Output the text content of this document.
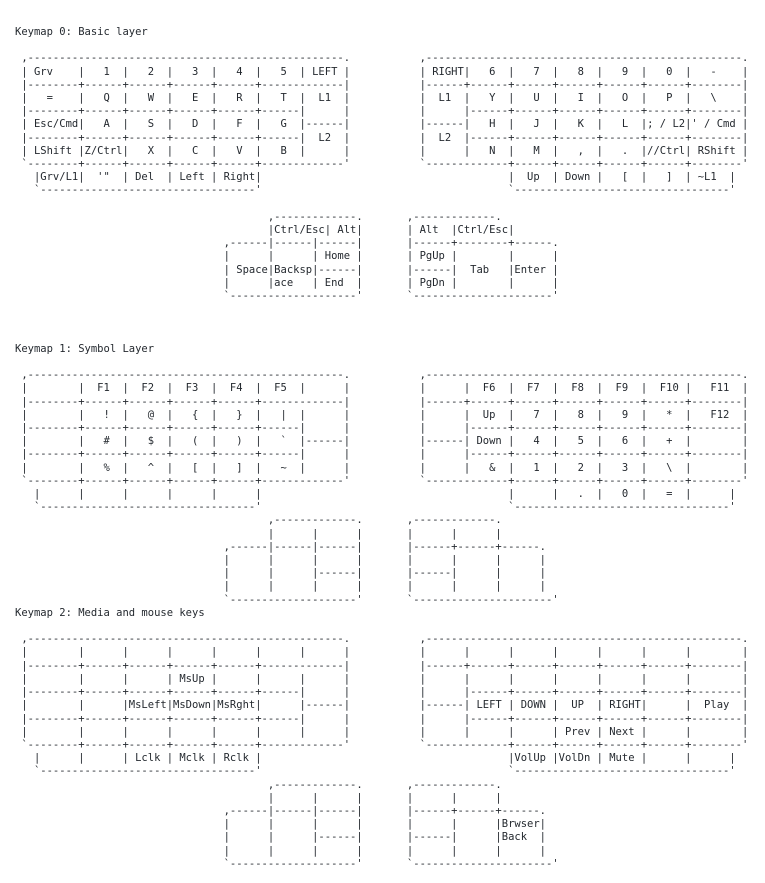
Keymap 0: Basic layer
,--------------------------------------------------.           ,--------------------------------------------------.
| Grv    |   1  |   2  |   3  |   4  |   5  | LEFT |           | RIGHT|   6  |   7  |   8  |   9  |   0  |   -    |
|--------+------+------+------+------+-------------|           |------+------+------+------+------+------+--------|
|   =    |   Q  |   W  |   E  |   R  |   T  |  L1  |           |  L1  |   Y  |   U  |   I  |   O  |   P  |   \    |
|--------+------+------+------+------+------|      |           |      |------+------+------+------+------+--------|
| Esc/Cmd|   A  |   S  |   D  |   F  |   G  |------|           |------|   H  |   J  |   K  |   L  |; / L2|' / Cmd |
|--------+------+------+------+------+------|  L2  |           |  L2  |------+------+------+------+------+--------|
| LShift |Z/Ctrl|   X  |   C  |   V  |   B  |      |           |      |   N  |   M  |   ,  |   .  |//Ctrl| RShift |
`--------+------+------+------+------+-------------'           `-------------+------+------+------+------+--------'
|Grv/L1|  '"  | Del  | Left | Right|                                       |  Up  | Down |   [  |   ]  | ~L1  |
`----------------------------------'                                       `----------------------------------'

,-------------.       ,-------------.
|Ctrl/Esc| Alt|       | Alt  |Ctrl/Esc|
,------|------|------|       |------+--------+------.
|      |      | Home |       | PgUp |        |      |
| Space|Backsp|------|       |------|  Tab   |Enter |
|      |ace   | End  |       | PgDn |        |      |
`--------------------'       `----------------------'
Keymap 1: Symbol Layer
,--------------------------------------------------.           ,--------------------------------------------------.
|        |  F1  |  F2  |  F3  |  F4  |  F5  |      |           |      |  F6  |  F7  |  F8  |  F9  |  F10 |   F11  |
|--------+------+------+------+------+-------------|           |------+------+------+------+------+------+--------|
|        |   !  |   @  |   {  |   }  |   |  |      |           |      |  Up  |   7  |   8  |   9  |   *  |   F12  |
|--------+------+------+------+------+------|      |           |      |------+------+------+------+------+--------|
|        |   #  |   $  |   (  |   )  |   `  |------|           |------| Down |   4  |   5  |   6  |   +  |        |
|--------+------+------+------+------+------|      |           |      |------+------+------+------+------+--------|
|        |   %  |   ^  |   [  |   ]  |   ~  |      |           |      |   &  |   1  |   2  |   3  |   \  |        |
`--------+------+------+------+------+-------------'           `-------------+------+------+------+------+--------'
|      |      |      |      |      |                                       |      |   .  |   0  |   =  |      |
`----------------------------------'                                       `----------------------------------'
,-------------.       ,-------------.
|      |      |       |      |      |
,------|------|------|       |------+------+------.
|      |      |      |       |      |      |      |
|      |      |------|       |------|      |      |
|      |      |      |       |      |      |      |
`--------------------'       `----------------------'
Keymap 2: Media and mouse keys
,--------------------------------------------------.           ,--------------------------------------------------.
|        |      |      |      |      |      |      |           |      |      |      |      |      |      |        |
|--------+------+------+------+------+-------------|           |------+------+------+------+------+------+--------|
|        |      |      | MsUp |      |      |      |           |      |      |      |      |      |      |        |
|--------+------+------+------+------+------|      |           |      |------+------+------+------+------+--------|
|        |      |MsLeft|MsDown|MsRght|      |------|           |------| LEFT | DOWN |  UP  | RIGHT|      |  Play  |
|--------+------+------+------+------+------|      |           |      |------+------+------+------+------+--------|
|        |      |      |      |      |      |      |           |      |      |      | Prev | Next |      |        |
`--------+------+------+------+------+-------------'           `-------------+------+------+------+------+--------'
|      |      | Lclk | Mclk | Rclk |                                       |VolUp |VolDn | Mute |      |      |
`----------------------------------'                                       `----------------------------------'
,-------------.       ,-------------.
|      |      |       |      |      |
,------|------|------|       |------+------+------.
|      |      |      |       |      |      |Brwser|
|      |      |------|       |------|      |Back  |
|      |      |      |       |      |      |      |
`--------------------'       `----------------------'
